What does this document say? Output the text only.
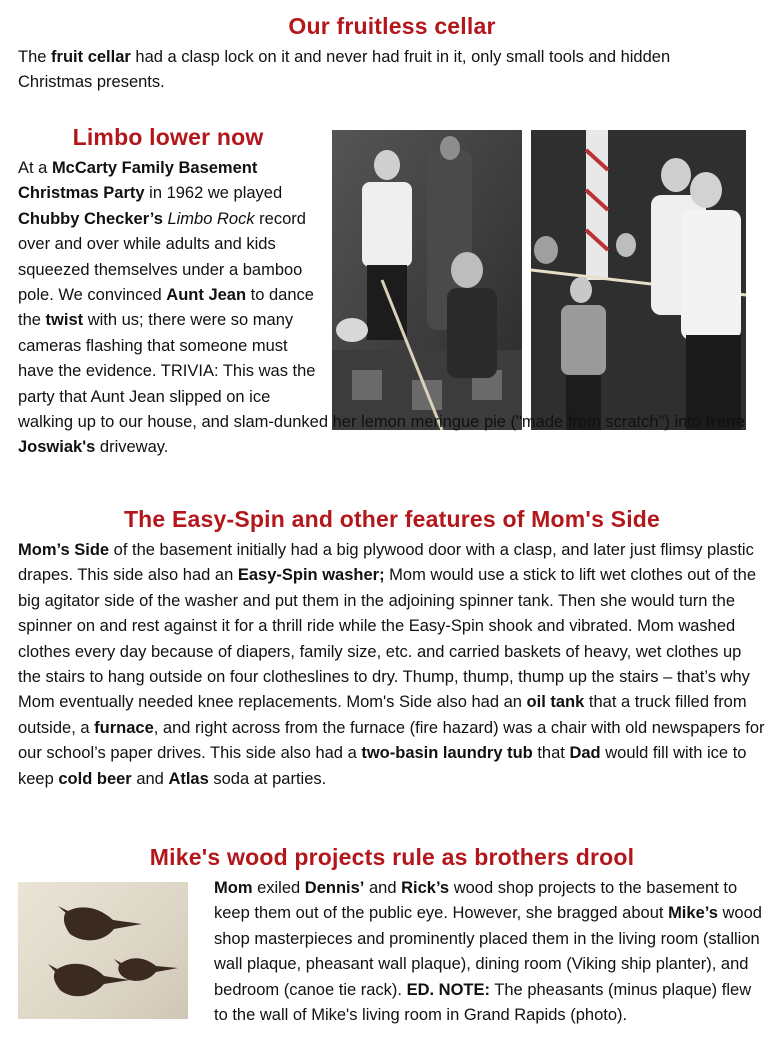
Our fruitless cellar

The fruit cellar had a clasp lock on it and never had fruit in it, only small tools and hidden Christmas presents.

Limbo lower now

At a McCarty Family Basement Christmas Party in 1962 we played Chubby Checker’s Limbo Rock record over and over while adults and kids squeezed themselves under a bamboo pole. We convinced Aunt Jean to dance the twist with us; there were so many cameras flashing that someone must have the evidence. TRIVIA: This was the party that Aunt Jean slipped on ice walking up to our house, and slam-dunked her lemon meringue pie ("made from scratch") into Irene Joswiak's driveway.

The Easy-Spin and other features of Mom's Side

Mom’s Side of the basement initially had a big plywood door with a clasp, and later just flimsy plastic drapes. This side also had an Easy-Spin washer; Mom would use a stick to lift wet clothes out of the big agitator side of the washer and put them in the adjoining spinner tank. Then she would turn the spinner on and rest against it for a thrill ride while the Easy-Spin shook and vibrated. Mom washed clothes every day because of diapers, family size, etc. and carried baskets of heavy, wet clothes up the stairs to hang outside on four clotheslines to dry. Thump, thump, thump up the stairs – that’s why Mom eventually needed knee replacements. Mom's Side also had an oil tank that a truck filled from outside, a furnace, and right across from the furnace (fire hazard) was a chair with old newspapers for our school’s paper drives. This side also had a two-basin laundry tub that Dad would fill with ice to keep cold beer and Atlas soda at parties.

Mike's wood projects rule as brothers drool

Mom exiled Dennis’ and Rick’s wood shop projects to the basement to keep them out of the public eye. However, she bragged about Mike’s wood shop masterpieces and prominently placed them in the living room (stallion wall plaque, pheasant wall plaque), dining room (Viking ship planter), and bedroom (canoe tie rack). ED. NOTE: The pheasants (minus plaque) flew to the wall of Mike's living room in Grand Rapids (photo).
